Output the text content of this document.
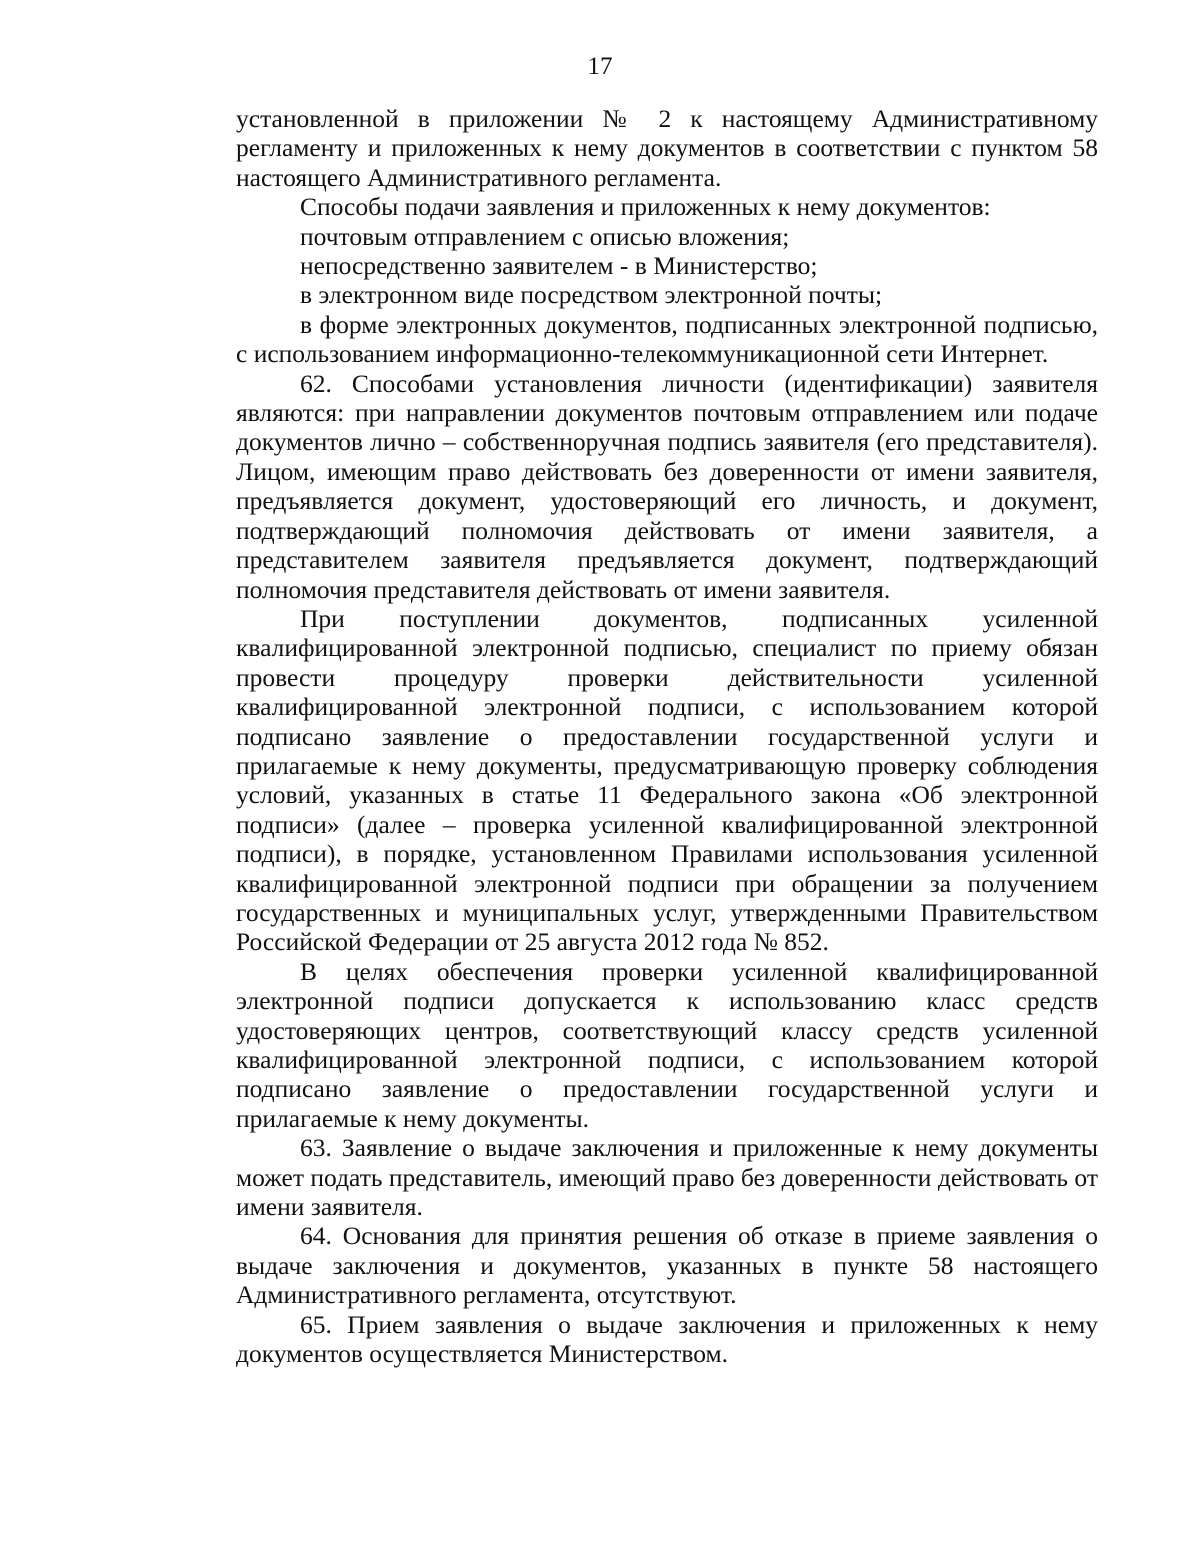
17

установленной в приложении № 2 к настоящему Административному регламенту и приложенных к нему документов в соответствии с пунктом 58 настоящего Административного регламента.

Способы подачи заявления и приложенных к нему документов:

почтовым отправлением с описью вложения;

непосредственно заявителем - в Министерство;

в электронном виде посредством электронной почты;

в форме электронных документов, подписанных электронной подписью, с использованием информационно-телекоммуникационной сети Интернет.

62. Способами установления личности (идентификации) заявителя являются: при направлении документов почтовым отправлением или подаче документов лично – собственноручная подпись заявителя (его представителя). Лицом, имеющим право действовать без доверенности от имени заявителя, предъявляется документ, удостоверяющий его личность, и документ, подтверждающий полномочия действовать от имени заявителя, а представителем заявителя предъявляется документ, подтверждающий полномочия представителя действовать от имени заявителя.

При поступлении документов, подписанных усиленной квалифицированной электронной подписью, специалист по приему обязан провести процедуру проверки действительности усиленной квалифицированной электронной подписи, с использованием которой подписано заявление о предоставлении государственной услуги и прилагаемые к нему документы, предусматривающую проверку соблюдения условий, указанных в статье 11 Федерального закона «Об электронной подписи» (далее – проверка усиленной квалифицированной электронной подписи), в порядке, установленном Правилами использования усиленной квалифицированной электронной подписи при обращении за получением государственных и муниципальных услуг, утвержденными Правительством Российской Федерации от 25 августа 2012 года № 852.

В целях обеспечения проверки усиленной квалифицированной электронной подписи допускается к использованию класс средств удостоверяющих центров, соответствующий классу средств усиленной квалифицированной электронной подписи, с использованием которой подписано заявление о предоставлении государственной услуги и прилагаемые к нему документы.

63. Заявление о выдаче заключения и приложенные к нему документы может подать представитель, имеющий право без доверенности действовать от имени заявителя.

64. Основания для принятия решения об отказе в приеме заявления о выдаче заключения и документов, указанных в пункте 58 настоящего Административного регламента, отсутствуют.

65. Прием заявления о выдаче заключения и приложенных к нему документов осуществляется Министерством.
